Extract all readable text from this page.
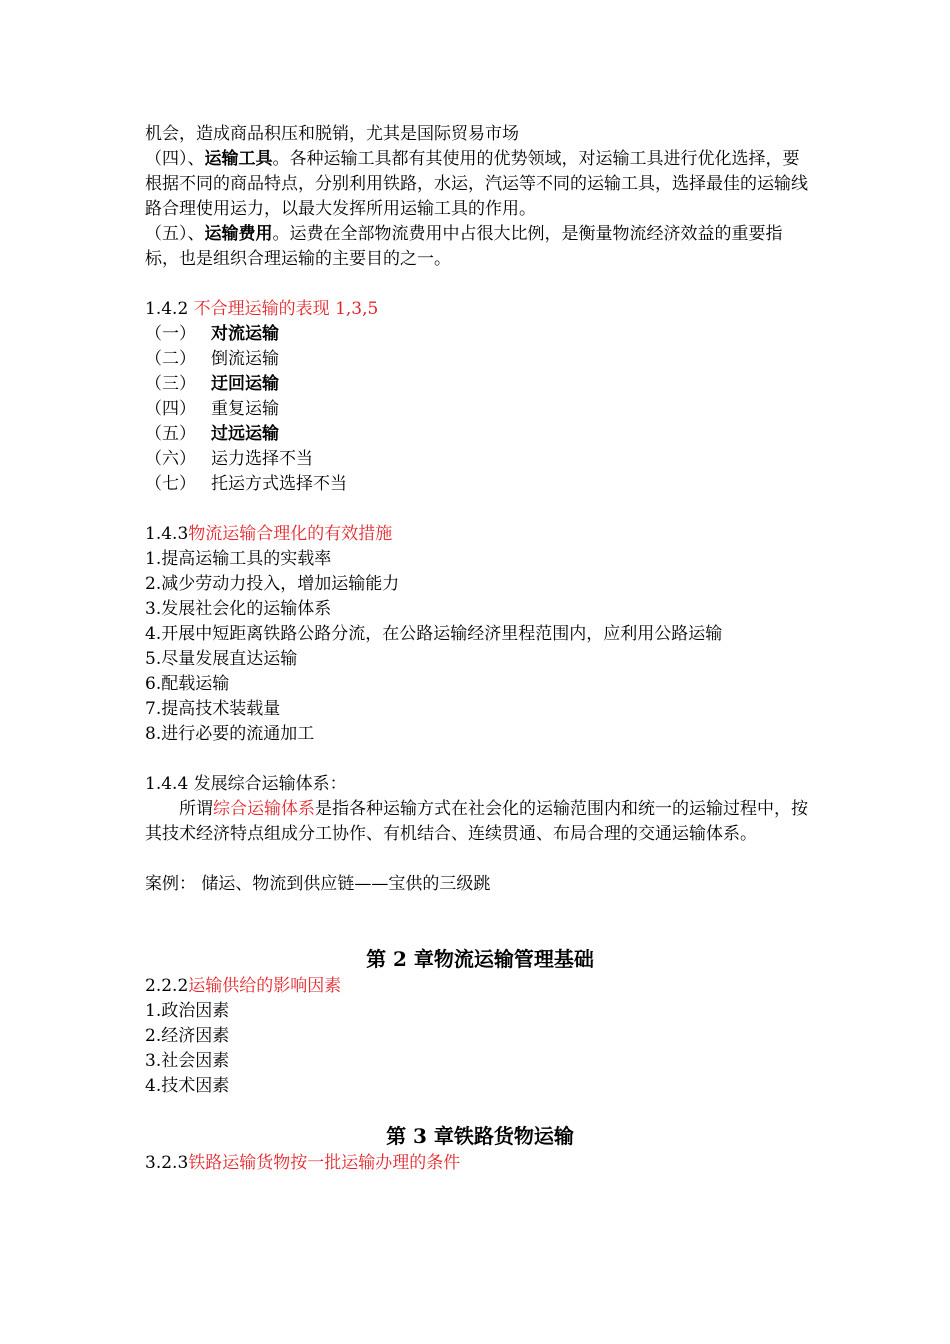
机会，造成商品积压和脱销，尤其是国际贸易市场
（四）、运输工具。各种运输工具都有其使用的优势领域，对运输工具进行优化选择，要根据不同的商品特点，分别利用铁路，水运，汽运等不同的运输工具，选择最佳的运输线路合理使用运力，以最大发挥所用运输工具的作用。
（五）、运输费用。运费在全部物流费用中占很大比例，是衡量物流经济效益的重要指标，也是组织合理运输的主要目的之一。
1.4.2 不合理运输的表现 1,3,5
（一） 对流运输
（二） 倒流运输
（三） 迂回运输
（四） 重复运输
（五） 过远运输
（六） 运力选择不当
（七） 托运方式选择不当
1.4.3物流运输合理化的有效措施
1.提高运输工具的实载率
2.减少劳动力投入，增加运输能力
3.发展社会化的运输体系
4.开展中短距离铁路公路分流，在公路运输经济里程范围内，应利用公路运输
5.尽量发展直达运输
6.配载运输
7.提高技术装载量
8.进行必要的流通加工
1.4.4 发展综合运输体系：
所谓综合运输体系是指各种运输方式在社会化的运输范围内和统一的运输过程中，按其技术经济特点组成分工协作、有机结合、连续贯通、布局合理的交通运输体系。
案例： 储运、物流到供应链——宝供的三级跳
第 2 章物流运输管理基础
2.2.2运输供给的影响因素
1.政治因素
2.经济因素
3.社会因素
4.技术因素
第 3 章铁路货物运输
3.2.3铁路运输货物按一批运输办理的条件
